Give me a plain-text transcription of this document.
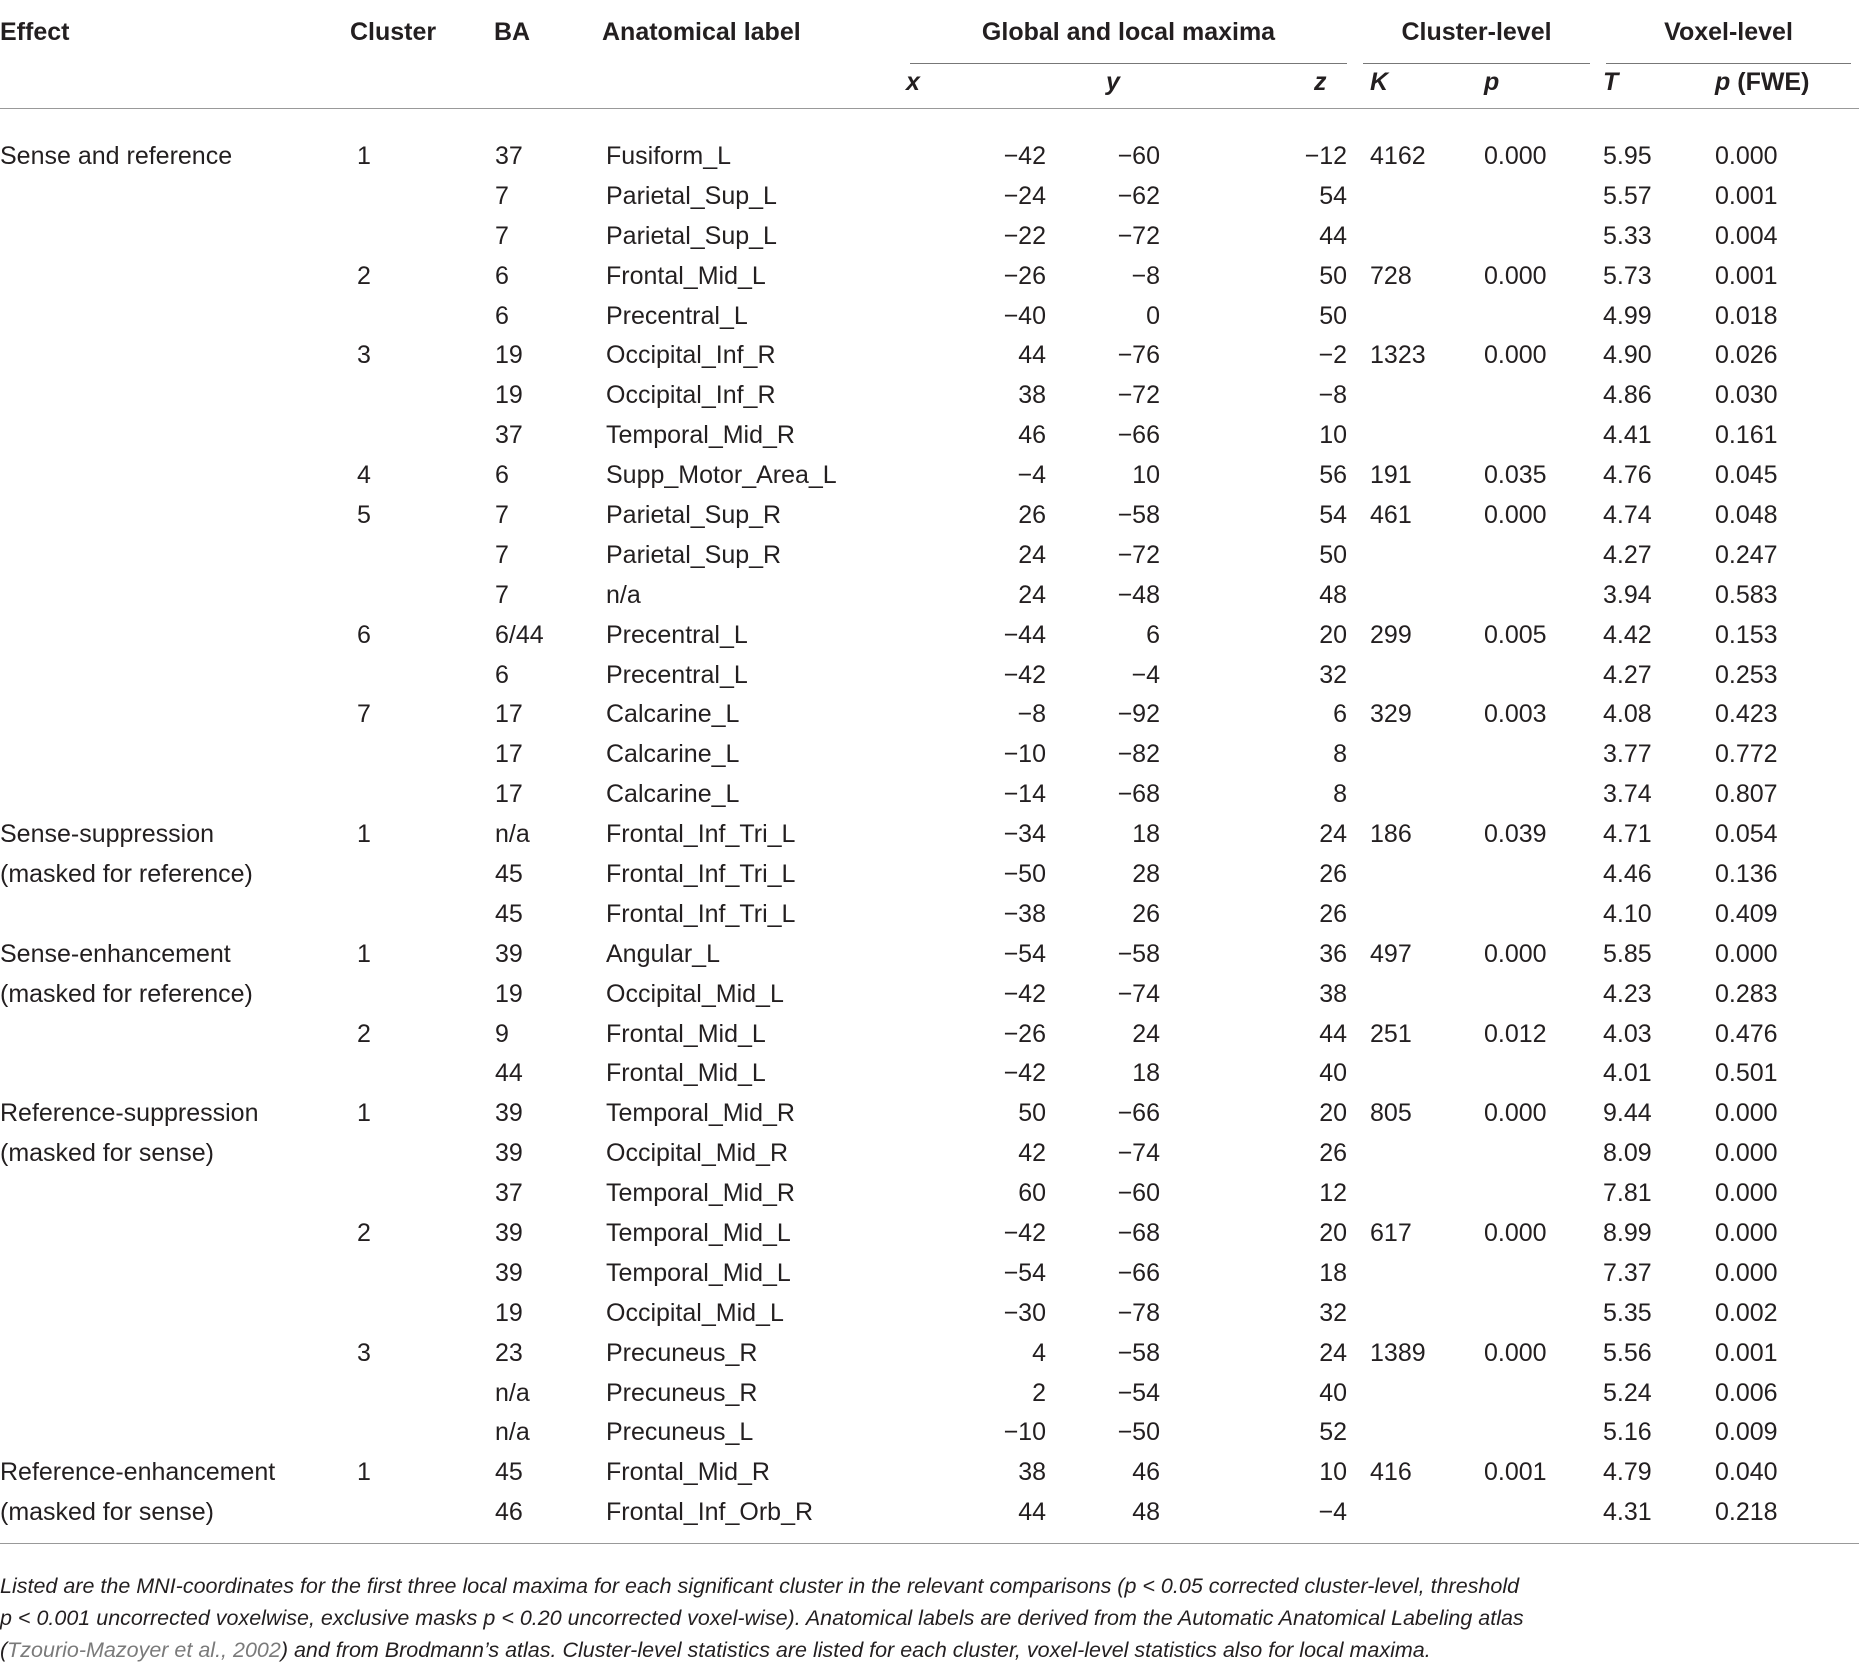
Effect	Cluster	BA	Anatomical label	Global and local maxima			Cluster-level		Voxel-level	

				x	y	z	K	p	T	p (FWE)
Sense and reference	1	37	Fusiform_L	−42	−60	−12	4162	0.000	5.95	0.000
		7	Parietal_Sup_L	−24	−62	54			5.57	0.001
		7	Parietal_Sup_L	−22	−72	44			5.33	0.004
	2	6	Frontal_Mid_L	−26	−8	50	728	0.000	5.73	0.001
		6	Precentral_L	−40	0	50			4.99	0.018
	3	19	Occipital_Inf_R	44	−76	−2	1323	0.000	4.90	0.026
		19	Occipital_Inf_R	38	−72	−8			4.86	0.030
		37	Temporal_Mid_R	46	−66	10			4.41	0.161
	4	6	Supp_Motor_Area_L	−4	10	56	191	0.035	4.76	0.045
	5	7	Parietal_Sup_R	26	−58	54	461	0.000	4.74	0.048
		7	Parietal_Sup_R	24	−72	50			4.27	0.247
		7	n/a	24	−48	48			3.94	0.583
	6	6/44	Precentral_L	−44	6	20	299	0.005	4.42	0.153
		6	Precentral_L	−42	−4	32			4.27	0.253
	7	17	Calcarine_L	−8	−92	6	329	0.003	4.08	0.423
		17	Calcarine_L	−10	−82	8			3.77	0.772
		17	Calcarine_L	−14	−68	8			3.74	0.807
Sense-suppression	1	n/a	Frontal_Inf_Tri_L	−34	18	24	186	0.039	4.71	0.054
(masked for reference)		45	Frontal_Inf_Tri_L	−50	28	26			4.46	0.136
		45	Frontal_Inf_Tri_L	−38	26	26			4.10	0.409
Sense-enhancement	1	39	Angular_L	−54	−58	36	497	0.000	5.85	0.000
(masked for reference)		19	Occipital_Mid_L	−42	−74	38			4.23	0.283
	2	9	Frontal_Mid_L	−26	24	44	251	0.012	4.03	0.476
		44	Frontal_Mid_L	−42	18	40			4.01	0.501
Reference-suppression	1	39	Temporal_Mid_R	50	−66	20	805	0.000	9.44	0.000
(masked for sense)		39	Occipital_Mid_R	42	−74	26			8.09	0.000
		37	Temporal_Mid_R	60	−60	12			7.81	0.000
	2	39	Temporal_Mid_L	−42	−68	20	617	0.000	8.99	0.000
		39	Temporal_Mid_L	−54	−66	18			7.37	0.000
		19	Occipital_Mid_L	−30	−78	32			5.35	0.002
	3	23	Precuneus_R	4	−58	24	1389	0.000	5.56	0.001
		n/a	Precuneus_R	2	−54	40			5.24	0.006
		n/a	Precuneus_L	−10	−50	52			5.16	0.009
Reference-enhancement	1	45	Frontal_Mid_R	38	46	10	416	0.001	4.79	0.040
(masked for sense)		46	Frontal_Inf_Orb_R	44	48	−4			4.31	0.218
Listed are the MNI-coordinates for the first three local maxima for each significant cluster in the relevant comparisons (p < 0.05 corrected cluster-level, threshold
p < 0.001 uncorrected voxelwise, exclusive masks p < 0.20 uncorrected voxel-wise). Anatomical labels are derived from the Automatic Anatomical Labeling atlas
(Tzourio-Mazoyer et al., 2002) and from Brodmann’s atlas. Cluster-level statistics are listed for each cluster, voxel-level statistics also for local maxima.
